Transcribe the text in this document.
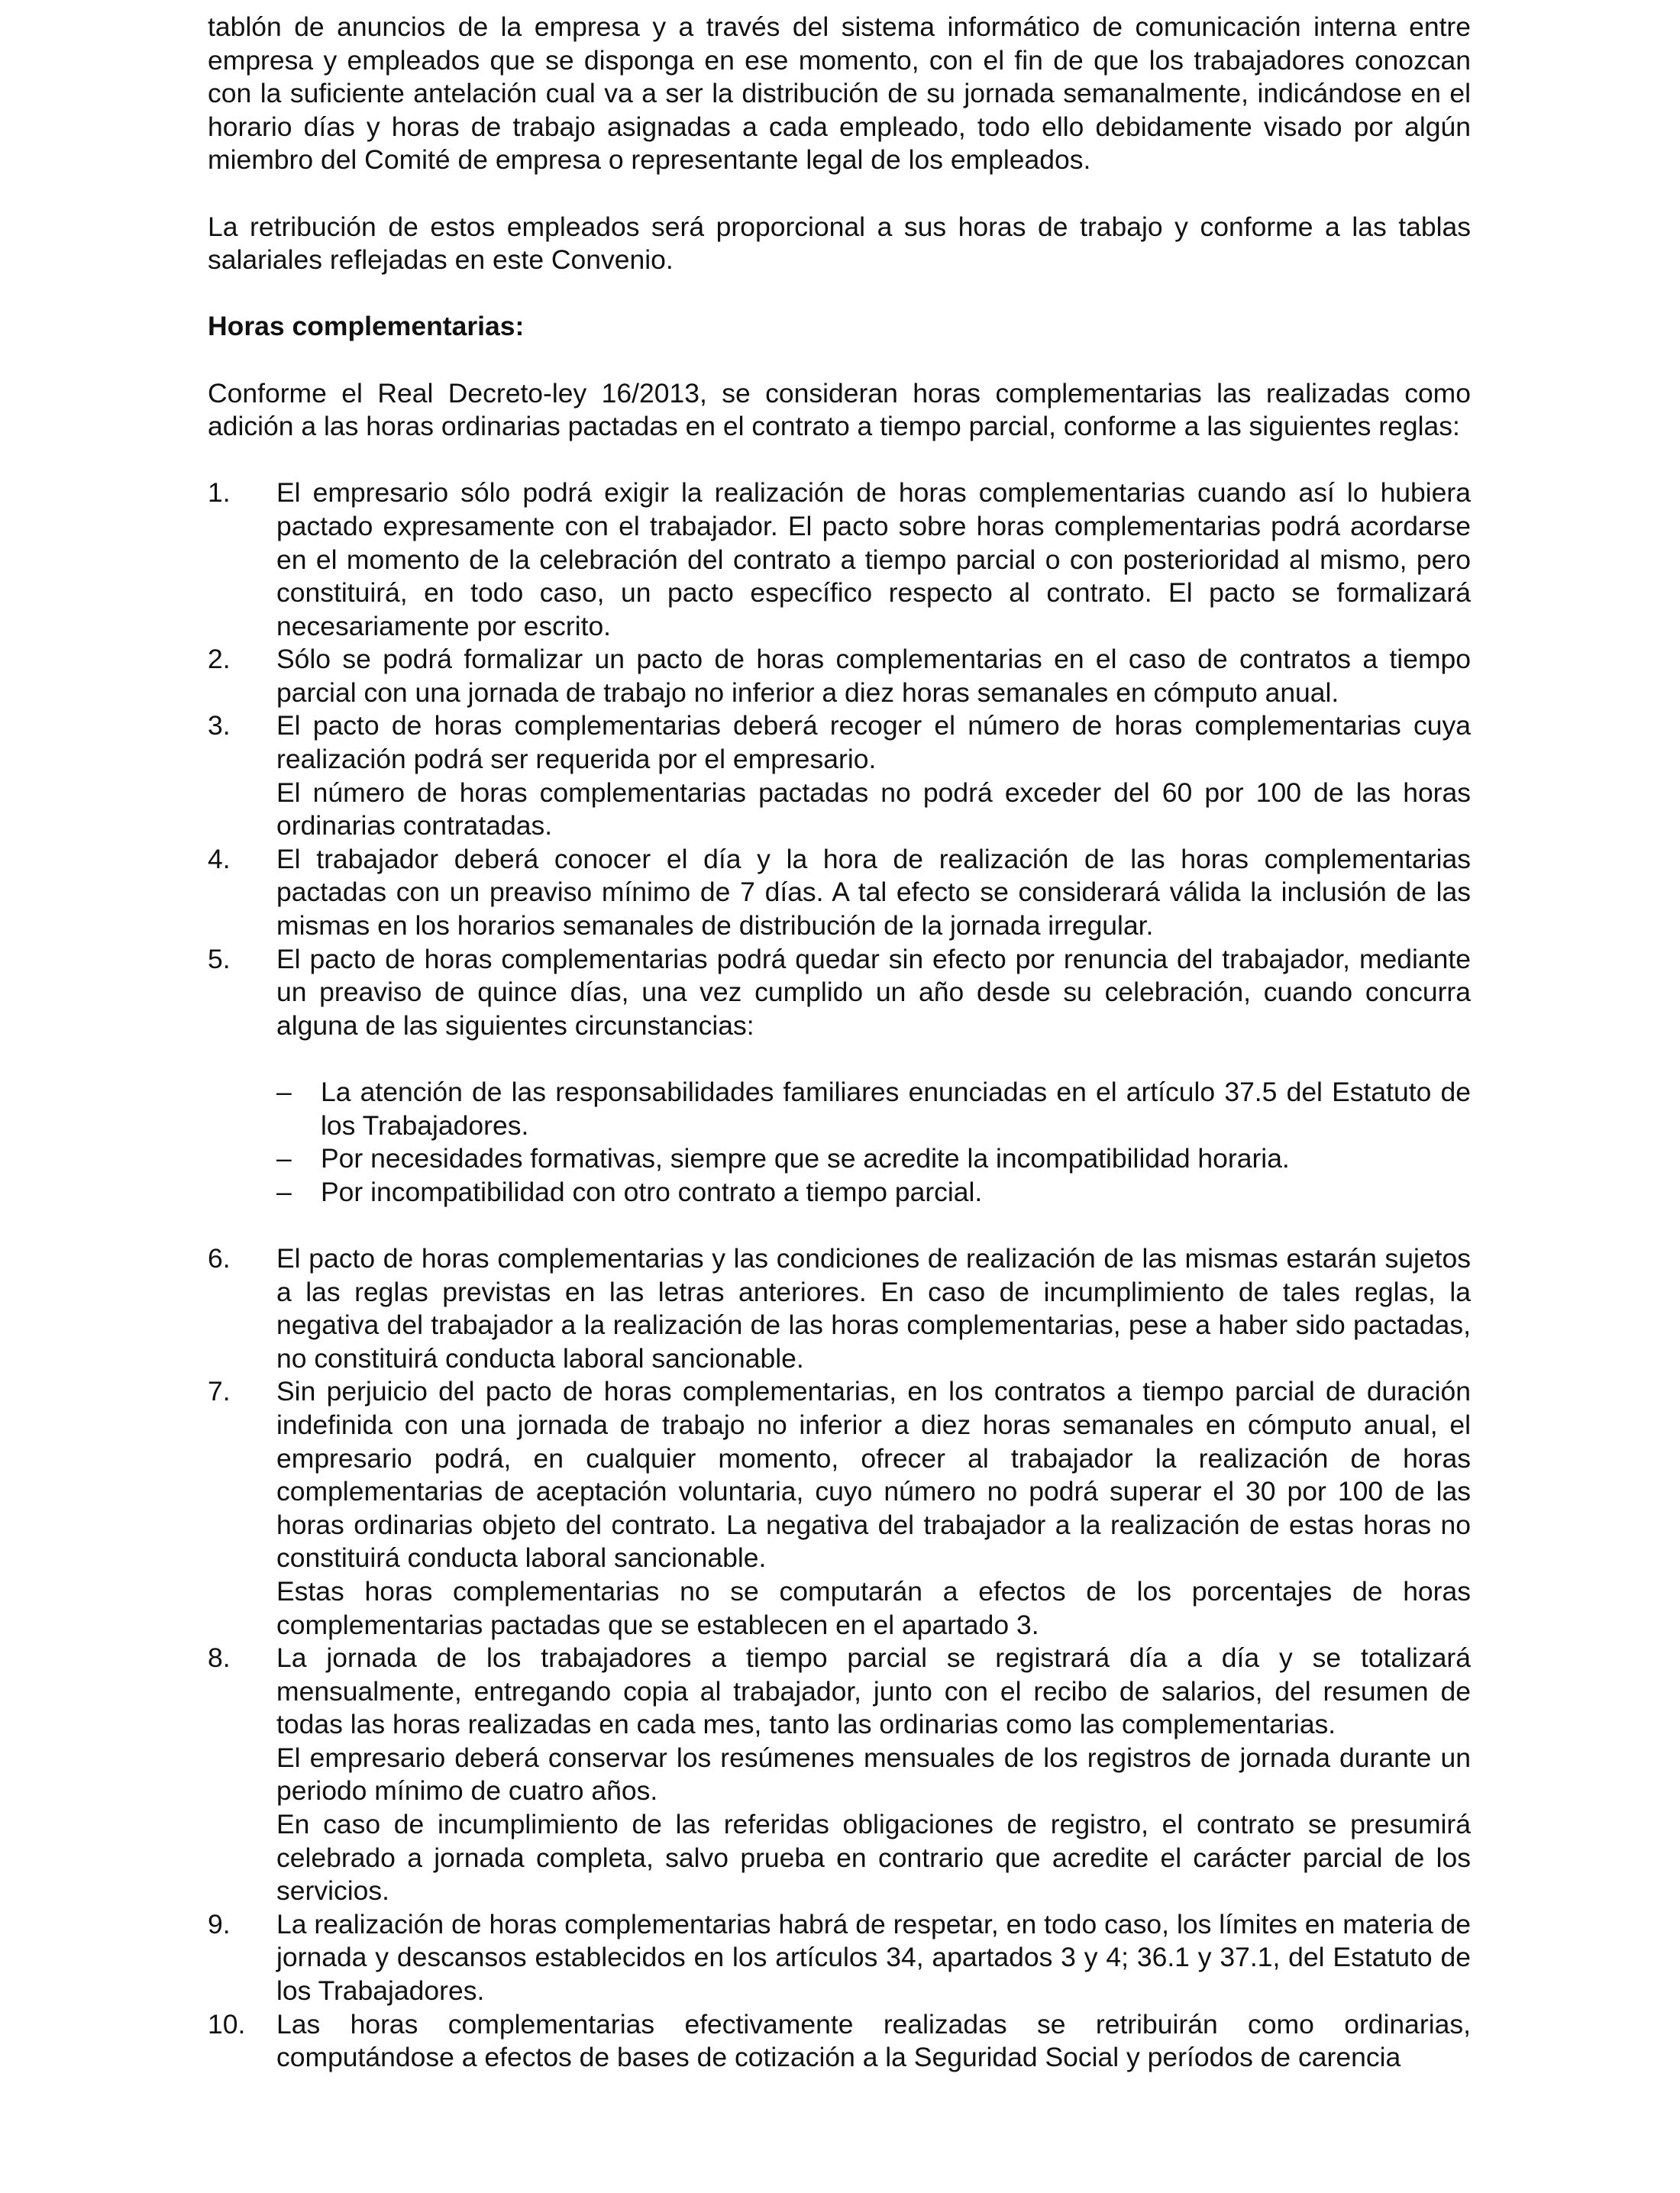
tablón de anuncios de la empresa y a través del sistema informático de comunicación interna entre empresa y empleados que se disponga en ese momento, con el fin de que los trabajadores conozcan con la suficiente antelación cual va a ser la distribución de su jornada semanalmente, indicándose en el horario días y horas de trabajo asignadas a cada empleado, todo ello debidamente visado por algún miembro del Comité de empresa o representante legal de los empleados.

La retribución de estos empleados será proporcional a sus horas de trabajo y conforme a las tablas salariales reflejadas en este Convenio.

Horas complementarias:

Conforme el Real Decreto-ley 16/2013, se consideran horas complementarias las realizadas como adición a las horas ordinarias pactadas en el contrato a tiempo parcial, conforme a las siguientes reglas:

1.	El empresario sólo podrá exigir la realización de horas complementarias cuando así lo hubiera pactado expresamente con el trabajador. El pacto sobre horas complementarias podrá acordarse en el momento de la celebración del contrato a tiempo parcial o con posterioridad al mismo, pero constituirá, en todo caso, un pacto específico respecto al contrato. El pacto se formalizará necesariamente por escrito.

2.	Sólo se podrá formalizar un pacto de horas complementarias en el caso de contratos a tiempo parcial con una jornada de trabajo no inferior a diez horas semanales en cómputo anual.

3.	El pacto de horas complementarias deberá recoger el número de horas complementarias cuya realización podrá ser requerida por el empresario.

El número de horas complementarias pactadas no podrá exceder del 60 por 100 de las horas ordinarias contratadas.

4.	El trabajador deberá conocer el día y la hora de realización de las horas complementarias pactadas con un preaviso mínimo de 7 días. A tal efecto se considerará válida la inclusión de las mismas en los horarios semanales de distribución de la jornada irregular.

5.	El pacto de horas complementarias podrá quedar sin efecto por renuncia del trabajador, mediante un preaviso de quince días, una vez cumplido un año desde su celebración, cuando concurra alguna de las siguientes circunstancias:

–	La atención de las responsabilidades familiares enunciadas en el artículo 37.5 del Estatuto de los Trabajadores.
–	Por necesidades formativas, siempre que se acredite la incompatibilidad horaria.
–	Por incompatibilidad con otro contrato a tiempo parcial.
6.	El pacto de horas complementarias y las condiciones de realización de las mismas estarán sujetos a las reglas previstas en las letras anteriores. En caso de incumplimiento de tales reglas, la negativa del trabajador a la realización de las horas complementarias, pese a haber sido pactadas, no constituirá conducta laboral sancionable.

7.	Sin perjuicio del pacto de horas complementarias, en los contratos a tiempo parcial de duración indefinida con una jornada de trabajo no inferior a diez horas semanales en cómputo anual, el empresario podrá, en cualquier momento, ofrecer al trabajador la realización de horas complementarias de aceptación voluntaria, cuyo número no podrá superar el 30 por 100 de las horas ordinarias objeto del contrato. La negativa del trabajador a la realización de estas horas no constituirá conducta laboral sancionable.

Estas horas complementarias no se computarán a efectos de los porcentajes de horas complementarias pactadas que se establecen en el apartado 3.

8.	La jornada de los trabajadores a tiempo parcial se registrará día a día y se totalizará mensualmente, entregando copia al trabajador, junto con el recibo de salarios, del resumen de todas las horas realizadas en cada mes, tanto las ordinarias como las complementarias.

El empresario deberá conservar los resúmenes mensuales de los registros de jornada durante un periodo mínimo de cuatro años.

En caso de incumplimiento de las referidas obligaciones de registro, el contrato se presumirá celebrado a jornada completa, salvo prueba en contrario que acredite el carácter parcial de los servicios.

9.	La realización de horas complementarias habrá de respetar, en todo caso, los límites en materia de jornada y descansos establecidos en los artículos 34, apartados 3 y 4; 36.1 y 37.1, del Estatuto de los Trabajadores.

10.	Las horas complementarias efectivamente realizadas se retribuirán como ordinarias, computándose a efectos de bases de cotización a la Seguridad Social y períodos de carencia
